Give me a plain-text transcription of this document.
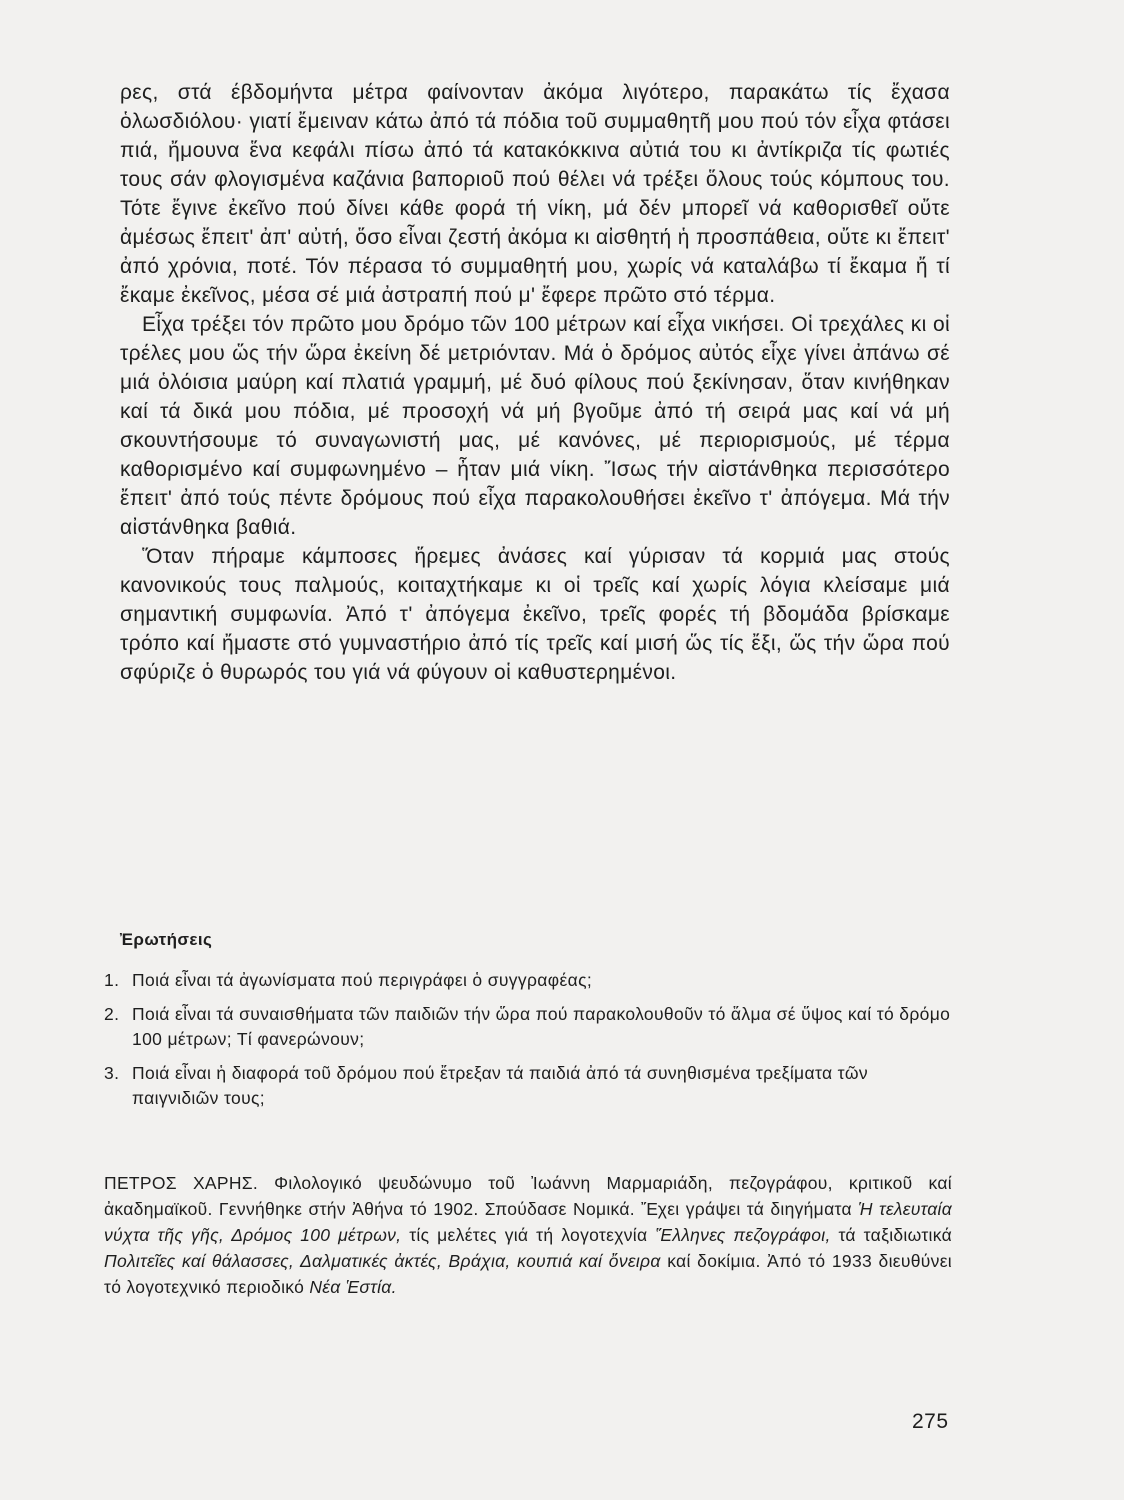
ρες, στά έβδομήντα μέτρα φαίνονταν ἀκόμα λιγότερο, παρακάτω τίς ἔχασα ὁλωσδιόλου· γιατί ἔμειναν κάτω ἀπό τά πόδια τοῦ συμμαθητῆ μου πού τόν εἶχα φτάσει πιά, ἤμουνα ἕνα κεφάλι πίσω ἀπό τά κατακόκκινα αὐτιά του κι ἀντίκριζα τίς φωτιές τους σάν φλογισμένα καζάνια βαποριοῦ πού θέλει νά τρέξει ὅλους τούς κόμπους του. Τότε ἔγινε ἐκεῖνο πού δίνει κάθε φορά τή νίκη, μά δέν μπορεῖ νά καθορισθεῖ οὔτε ἀμέσως ἔπειτ' ἀπ' αὐτή, ὅσο εἶναι ζεστή ἀκόμα κι αἰσθητή ἡ προσπάθεια, οὔτε κι ἔπειτ' ἀπό χρόνια, ποτέ. Τόν πέρασα τό συμμαθητή μου, χωρίς νά καταλάβω τί ἔκαμα ἤ τί ἔκαμε ἐκεῖνος, μέσα σέ μιά ἀστραπή πού μ' ἔφερε πρῶτο στό τέρμα.

Εἶχα τρέξει τόν πρῶτο μου δρόμο τῶν 100 μέτρων καί εἶχα νικήσει. Οἱ τρεχάλες κι οἱ τρέλες μου ὥς τήν ὥρα ἐκείνη δέ μετριόνταν. Μά ὁ δρόμος αὐτός εἶχε γίνει ἀπάνω σέ μιά ὁλόισια μαύρη καί πλατιά γραμμή, μέ δυό φίλους πού ξεκίνησαν, ὅταν κινήθηκαν καί τά δικά μου πόδια, μέ προσοχή νά μή βγοῦμε ἀπό τή σειρά μας καί νά μή σκουντήσουμε τό συναγωνιστή μας, μέ κανόνες, μέ περιορισμούς, μέ τέρμα καθορισμένο καί συμφωνημένο – ἦταν μιά νίκη. Ἴσως τήν αἰστάνθηκα περισσότερο ἔπειτ' ἀπό τούς πέντε δρόμους πού εἶχα παρακολουθήσει ἐκεῖνο τ' ἀπόγεμα. Μά τήν αἰστάνθηκα βαθιά.

Ὅταν πήραμε κάμποσες ἥρεμες ἀνάσες καί γύρισαν τά κορμιά μας στούς κανονικούς τους παλμούς, κοιταχτήκαμε κι οἱ τρεῖς καί χωρίς λόγια κλείσαμε μιά σημαντική συμφωνία. Ἀπό τ' ἀπόγεμα ἐκεῖνο, τρεῖς φορές τή βδομάδα βρίσκαμε τρόπο καί ἤμαστε στό γυμναστήριο ἀπό τίς τρεῖς καί μισή ὥς τίς ἔξι, ὥς τήν ὥρα πού σφύριζε ὁ θυρωρός του γιά νά φύγουν οἱ καθυστερημένοι.

Ἐρωτήσεις
1. Ποιά εἶναι τά ἀγωνίσματα πού περιγράφει ὁ συγγραφέας;
2. Ποιά εἶναι τά συναισθήματα τῶν παιδιῶν τήν ὥρα πού παρακολουθοῦν τό ἅλμα σέ ὕψος καί τό δρόμο 100 μέτρων; Τί φανερώνουν;
3. Ποιά εἶναι ἡ διαφορά τοῦ δρόμου πού ἔτρεξαν τά παιδιά ἀπό τά συνηθισμένα τρεξίματα τῶν παιγνιδιῶν τους;

ΠΕΤΡΟΣ ΧΑΡΗΣ. Φιλολογικό ψευδώνυμο τοῦ Ἰωάννη Μαρμαριάδη, πεζογράφου, κριτικοῦ καί ἀκαδημαϊκοῦ. Γεννήθηκε στήν Ἀθήνα τό 1902. Σπούδασε Νομικά. Ἔχει γράψει τά διηγήματα Ἡ τελευταία νύχτα τῆς γῆς, Δρόμος 100 μέτρων, τίς μελέτες γιά τή λογοτεχνία Ἕλληνες πεζογράφοι, τά ταξιδιωτικά Πολιτεῖες καί θάλασσες, Δαλματικές ἀκτές, Βράχια, κουπιά καί ὄνειρα καί δοκίμια. Ἀπό τό 1933 διευθύνει τό λογοτεχνικό περιοδικό Νέα Ἑστία.

275
